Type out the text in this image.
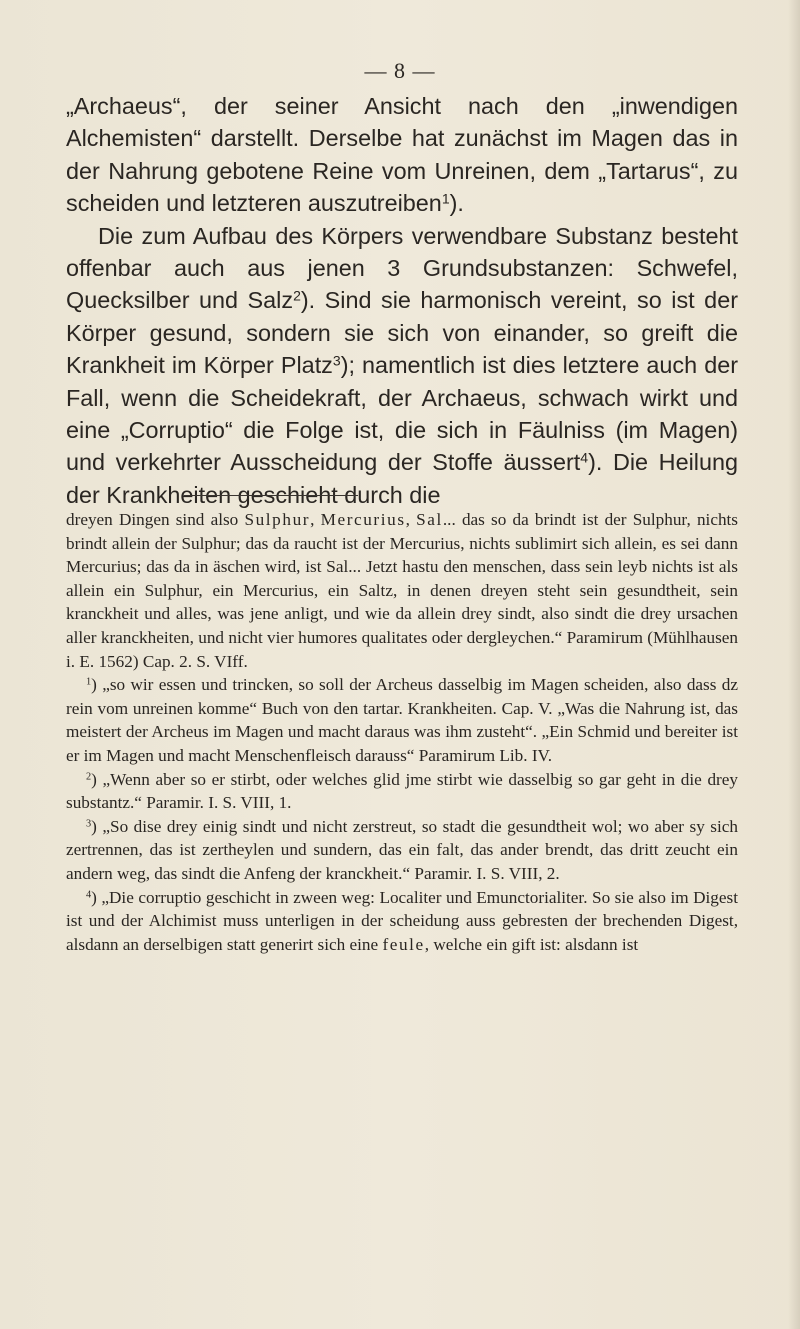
— 8 —

„Archaeus“, der seiner Ansicht nach den „inwendigen Alchemisten“ darstellt. Derselbe hat zunächst im Magen das in der Nahrung gebotene Reine vom Unreinen, dem „Tartarus“, zu scheiden und letzteren auszutreiben$^1$).

Die zum Aufbau des Körpers verwendbare Substanz besteht offenbar auch aus jenen 3 Grundsubstanzen: Schwefel, Quecksilber und Salz$^2$). Sind sie harmonisch vereint, so ist der Körper gesund, sondern sie sich von einander, so greift die Krankheit im Körper Platz$^3$); namentlich ist dies letztere auch der Fall, wenn die Scheidekraft, der Archaeus, schwach wirkt und eine „Corruptio“ die Folge ist, die sich in Fäulniss (im Magen) und verkehrter Ausscheidung der Stoffe äussert$^4$). Die Heilung der Krankheiten geschieht durch die

dreyen Dingen sind also Sulphur, Mercurius, Sal... das so da brindt ist der Sulphur, nichts brindt allein der Sulphur; das da raucht ist der Mercurius, nichts sublimirt sich allein, es sei dann Mercurius; das da in äschen wird, ist Sal... Jetzt hastu den menschen, dass sein leyb nichts ist als allein ein Sulphur, ein Mercurius, ein Saltz, in denen dreyen steht sein gesundtheit, sein kranckheit und alles, was jene anligt, und wie da allein drey sindt, also sindt die drey ursachen aller kranckheiten, und nicht vier humores qualitates oder dergleychen.“ Paramirum (Mühlhausen i. E. 1562) Cap. 2. S. VIff.

$^1$) „so wir essen und trincken, so soll der Archeus dasselbig im Magen scheiden, also dass dz rein vom unreinen komme“ Buch von den tartar. Krankheiten. Cap. V. „Was die Nahrung ist, das meistert der Archeus im Magen und macht daraus was ihm zusteht“. „Ein Schmid und bereiter ist er im Magen und macht Menschenfleisch darauss“ Paramirum Lib. IV.

$^2$) „Wenn aber so er stirbt, oder welches glid jme stirbt wie dasselbig so gar geht in die drey substantz.“ Paramir. I. S. VIII, 1.

$^3$) „So dise drey einig sindt und nicht zerstreut, so stadt die gesundtheit wol; wo aber sy sich zertrennen, das ist zertheylen und sundern, das ein falt, das ander brendt, das dritt zeucht ein andern weg, das sindt die Anfeng der kranckheit.“ Paramir. I. S. VIII, 2.

$^4$) „Die corruptio geschicht in zween weg: Localiter und Emunctorialiter. So sie also im Digest ist und der Alchimist muss unterligen in der scheidung auss gebresten der brechenden Digest, alsdann an derselbigen statt generirt sich eine feule, welche ein gift ist: alsdann ist
